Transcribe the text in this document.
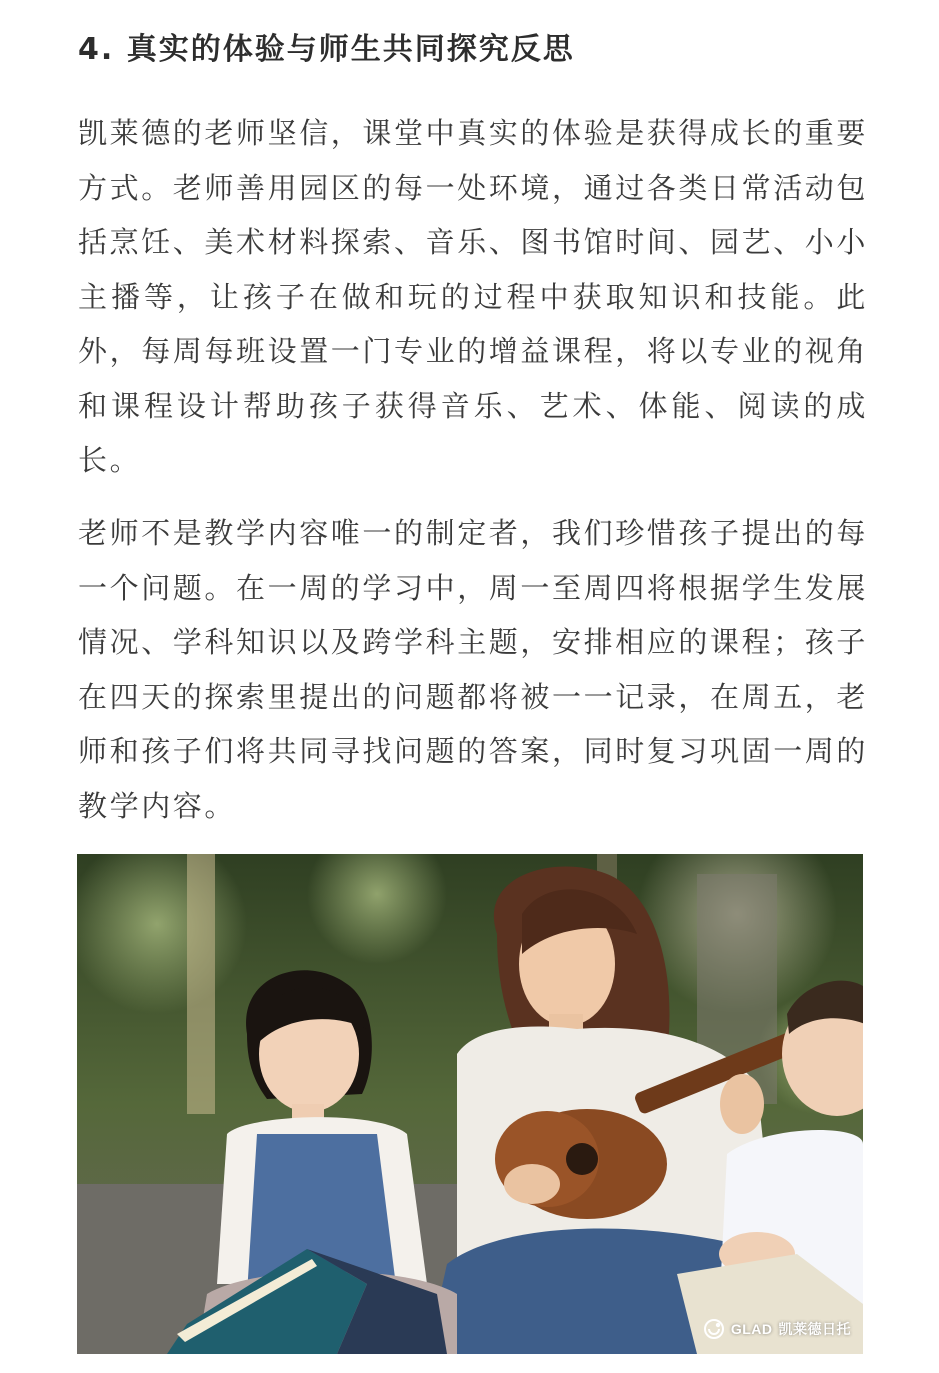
4. 真实的体验与师生共同探究反思

凯莱德的老师坚信，课堂中真实的体验是获得成长的重要方式。老师善用园区的每一处环境，通过各类日常活动包括烹饪、美术材料探索、音乐、图书馆时间、园艺、小小主播等，让孩子在做和玩的过程中获取知识和技能。此外，每周每班设置一门专业的增益课程，将以专业的视角和课程设计帮助孩子获得音乐、艺术、体能、阅读的成长。

老师不是教学内容唯一的制定者，我们珍惜孩子提出的每一个问题。在一周的学习中，周一至周四将根据学生发展情况、学科知识以及跨学科主题，安排相应的课程；孩子在四天的探索里提出的问题都将被一一记录，在周五，老师和孩子们将共同寻找问题的答案，同时复习巩固一周的教学内容。

GLAD 凯莱德日托
